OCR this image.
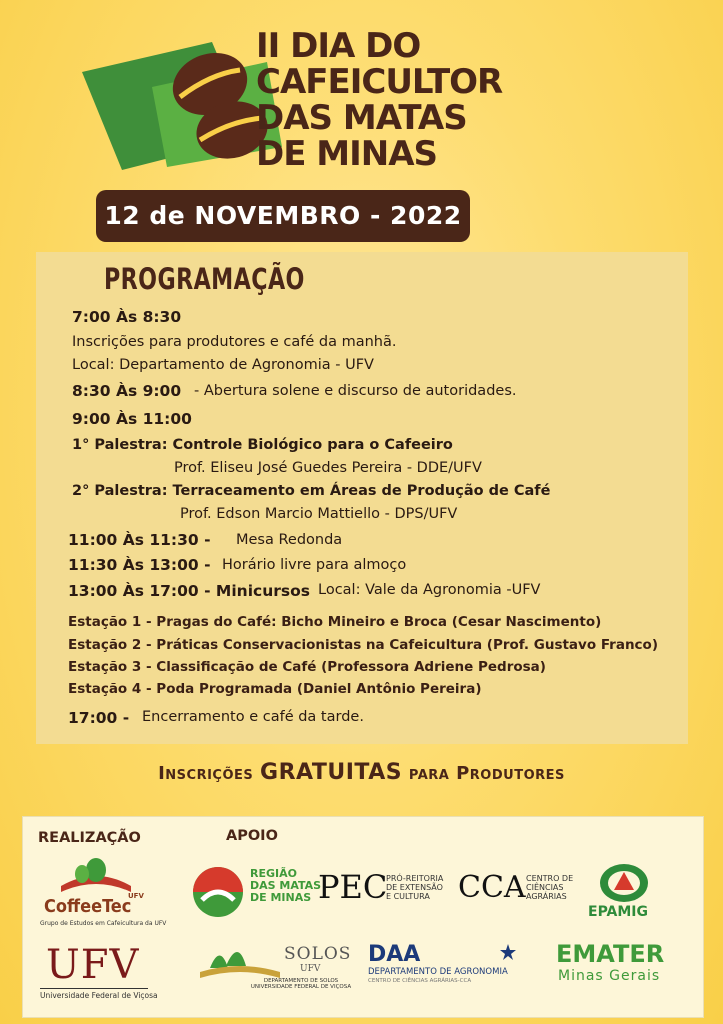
II DIA DO
CAFEICULTOR
DAS MATAS
DE MINAS
12 de NOVEMBRO - 2022
PROGRAMAÇÃO
7:00 Às 8:30
Inscrições para produtores e café da manhã.
Local: Departamento de Agronomia - UFV
8:30 Às 9:00 - Abertura solene e discurso de autoridades.
9:00 Às 11:00
1° Palestra: Controle Biológico para o Cafeeiro
Prof. Eliseu José Guedes Pereira - DDE/UFV
2° Palestra: Terraceamento em Áreas de Produção de Café
Prof. Edson Marcio Mattiello - DPS/UFV
11:00 Às 11:30 - Mesa Redonda
11:30 Às 13:00 - Horário livre para almoço
13:00 Às 17:00 - Minicursos Local: Vale da Agronomia -UFV
Estação 1 - Pragas do Café: Bicho Mineiro e Broca (Cesar Nascimento)
Estação 2 - Práticas Conservacionistas na Cafeicultura (Prof. Gustavo Franco)
Estação 3 - Classificação de Café (Professora Adriene Pedrosa)
Estação 4 - Poda Programada (Daniel Antônio Pereira)
17:00 - Encerramento e café da tarde.
Inscrições GRATUITAS para Produtores
REALIZAÇÃO	APOIO
CoffeeTec
UFV
Grupo de Estudos em Cafeicultura da UFV
UFV
Universidade Federal de Viçosa
REGIÃO
DAS MATAS
DE MINAS PEC
PRÓ-REITORIA
DE EXTENSÃO
E CULTURA CCA CENTRO DE
CIÊNCIAS
AGRÁRIAS
EPAMIG
SOLOS
UFV
DEPARTAMENTO DE SOLOS
UNIVERSIDADE FEDERAL DE VIÇOSA
DAA
DEPARTAMENTO DE AGRONOMIA
CENTRO DE CIÊNCIAS AGRÁRIAS-CCA
EMATER
Minas Gerais
